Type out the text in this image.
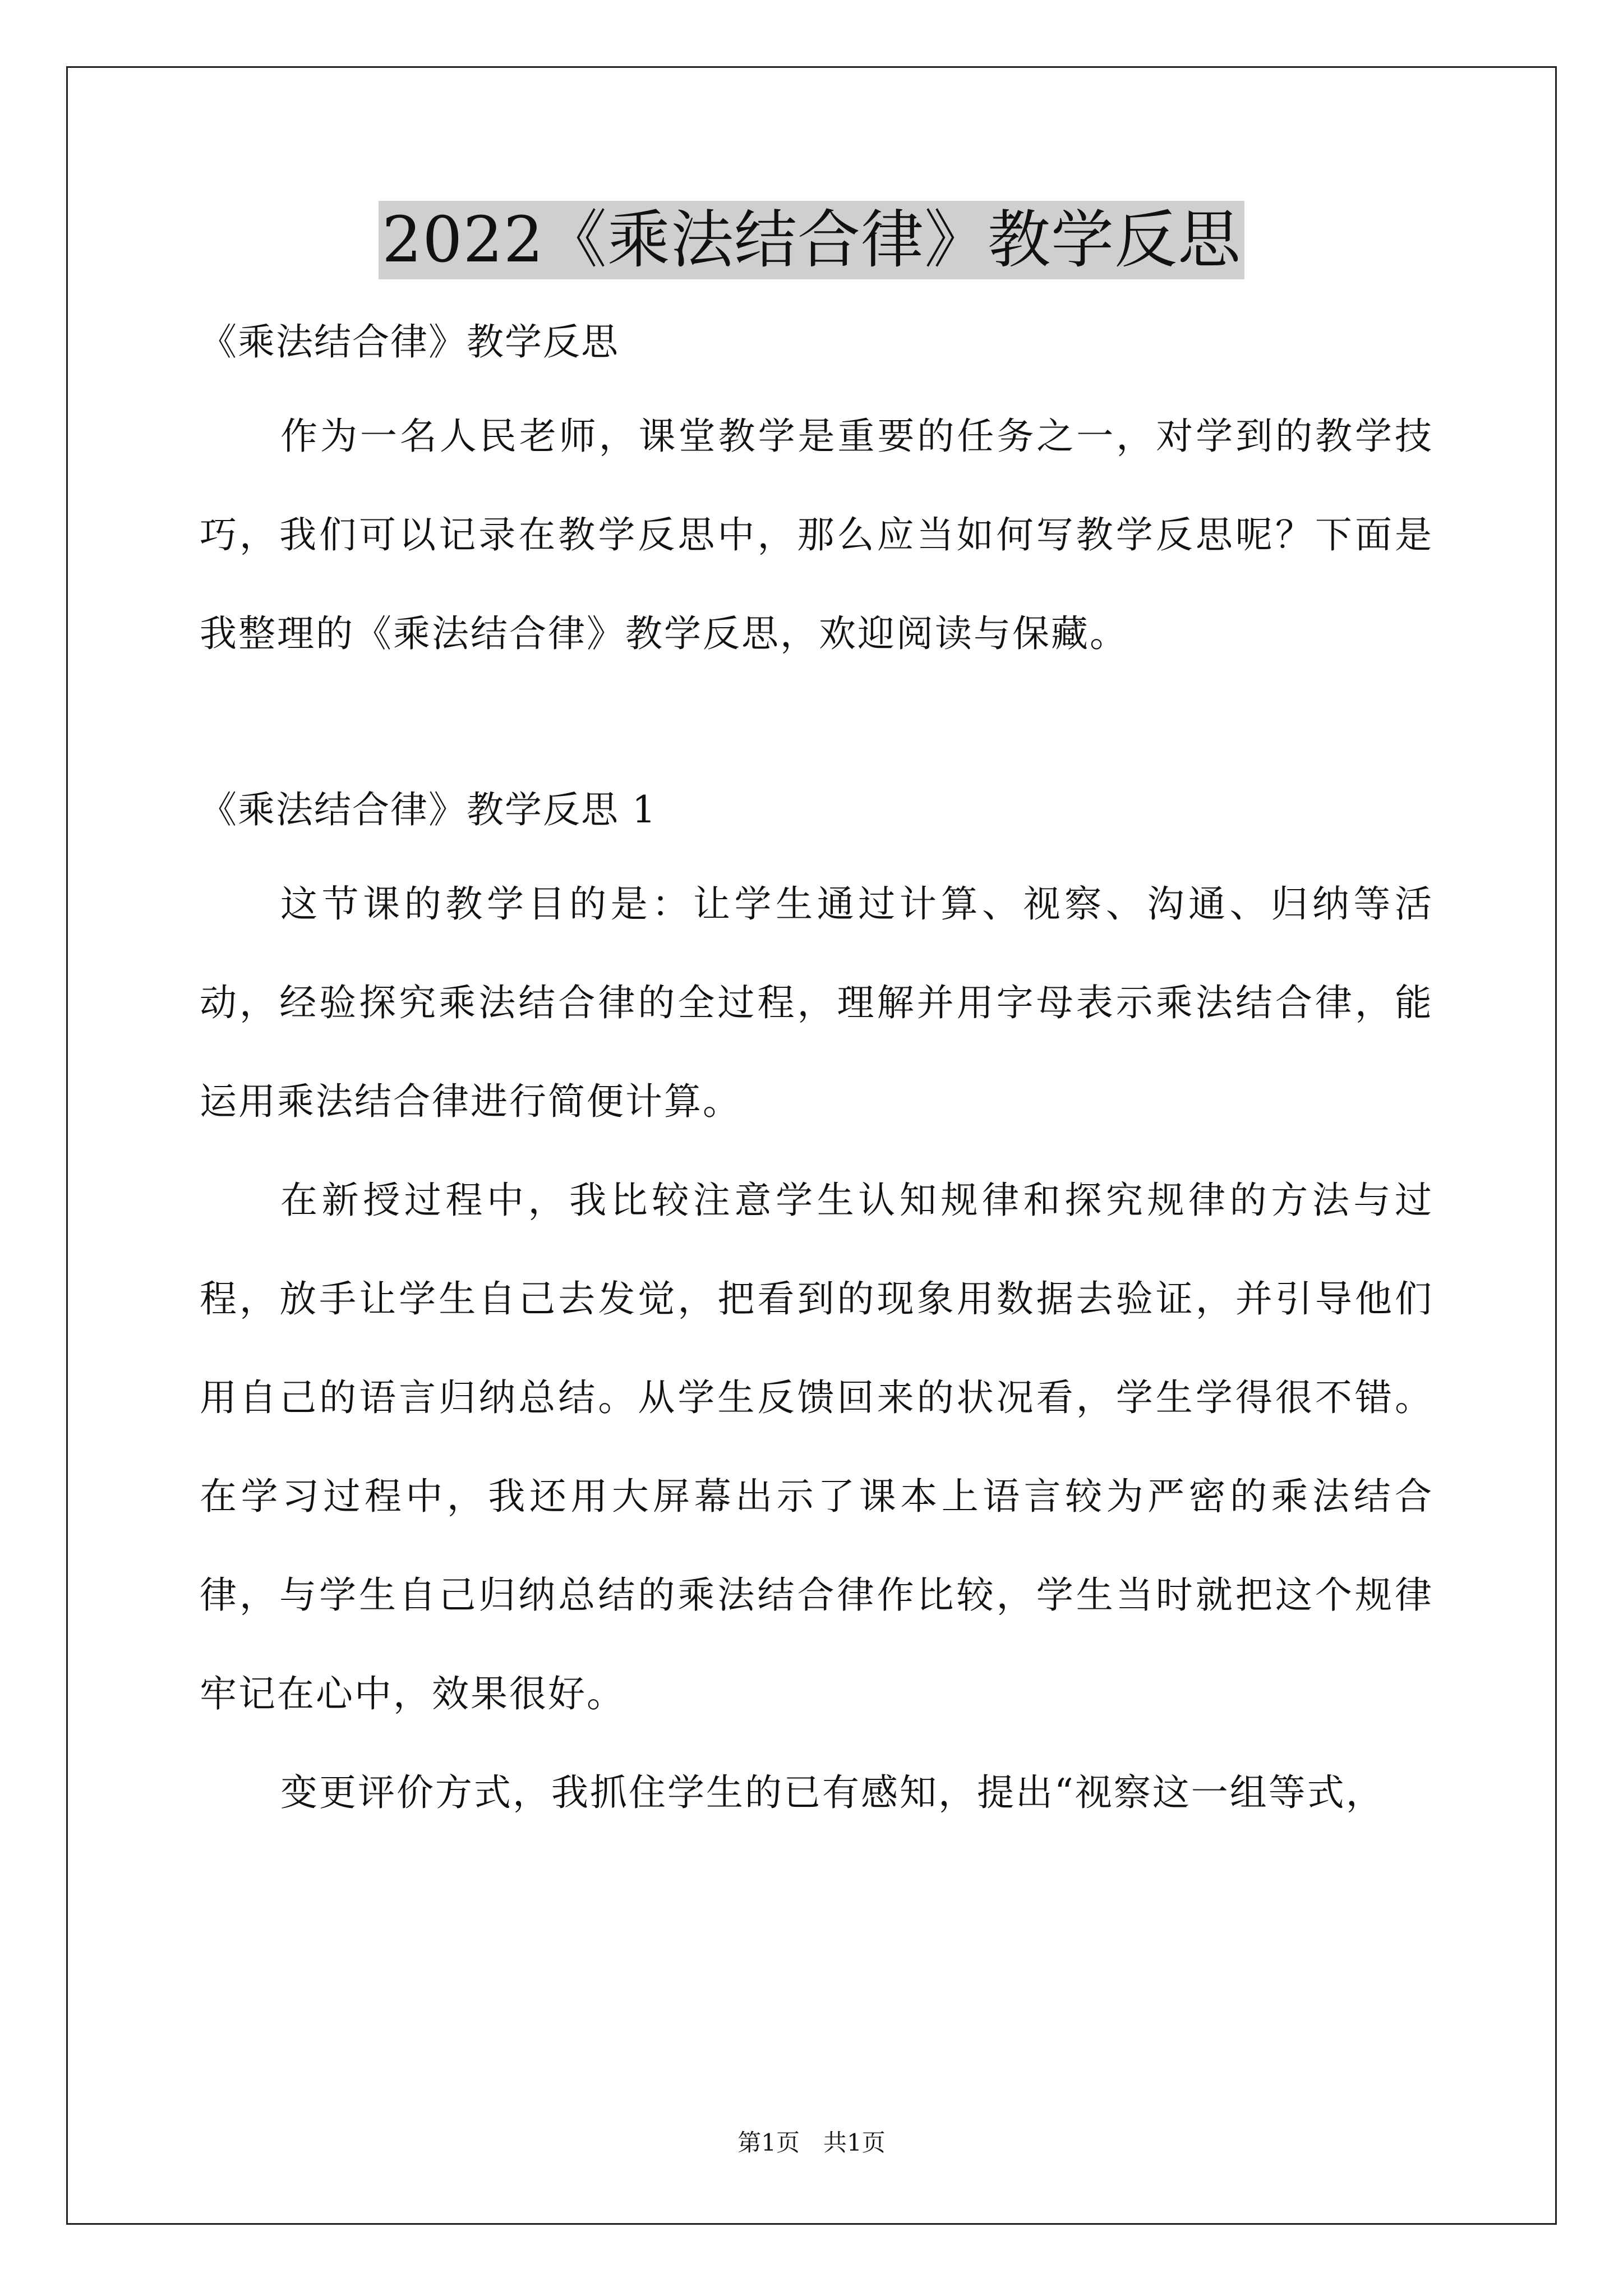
2022《乘法结合律》教学反思

《乘法结合律》教学反思

作为一名人民老师，课堂教学是重要的任务之一，对学到的教学技巧，我们可以记录在教学反思中，那么应当如何写教学反思呢？下面是我整理的《乘法结合律》教学反思，欢迎阅读与保藏。

《乘法结合律》教学反思 1

这节课的教学目的是：让学生通过计算、视察、沟通、归纳等活动，经验探究乘法结合律的全过程，理解并用字母表示乘法结合律，能运用乘法结合律进行简便计算。

在新授过程中，我比较注意学生认知规律和探究规律的方法与过程，放手让学生自己去发觉，把看到的现象用数据去验证，并引导他们用自己的语言归纳总结。从学生反馈回来的状况看，学生学得很不错。在学习过程中，我还用大屏幕出示了课本上语言较为严密的乘法结合律，与学生自己归纳总结的乘法结合律作比较，学生当时就把这个规律牢记在心中，效果很好。

变更评价方式，我抓住学生的已有感知，提出“视察这一组等式，

第1页　共1页
